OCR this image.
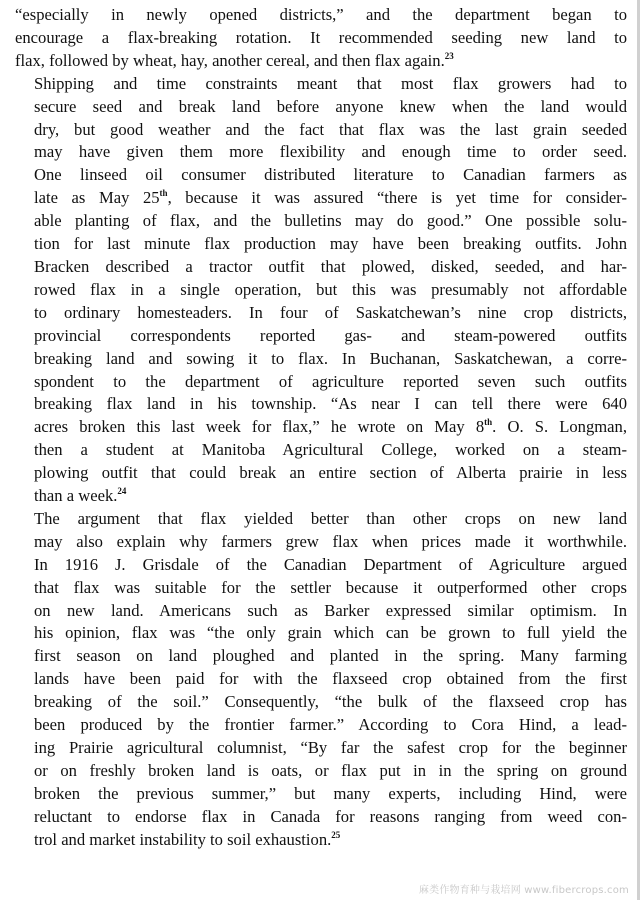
“especially in newly opened districts,” and the department began to
encourage a flax-breaking rotation. It recommended seeding new land to
flax, followed by wheat, hay, another cereal, and then flax again.$^{23}$

Shipping and time constraints meant that most flax growers had to
secure seed and break land before anyone knew when the land would
dry, but good weather and the fact that flax was the last grain seeded
may have given them more flexibility and enough time to order seed.
One linseed oil consumer distributed literature to Canadian farmers as
late as May 25th, because it was assured “there is yet time for consider-
able planting of flax, and the bulletins may do good.” One possible solu-
tion for last minute flax production may have been breaking outfits. John
Bracken described a tractor outfit that plowed, disked, seeded, and har-
rowed flax in a single operation, but this was presumably not affordable
to ordinary homesteaders. In four of Saskatchewan’s nine crop districts,
provincial correspondents reported gas- and steam-powered outfits
breaking land and sowing it to flax. In Buchanan, Saskatchewan, a corre-
spondent to the department of agriculture reported seven such outfits
breaking flax land in his township. “As near I can tell there were 640
acres broken this last week for flax,” he wrote on May 8th. O. S. Longman,
then a student at Manitoba Agricultural College, worked on a steam-
plowing outfit that could break an entire section of Alberta prairie in less
than a week.$^{24}$

The argument that flax yielded better than other crops on new land
may also explain why farmers grew flax when prices made it worthwhile.
In 1916 J. Grisdale of the Canadian Department of Agriculture argued
that flax was suitable for the settler because it outperformed other crops
on new land. Americans such as Barker expressed similar optimism. In
his opinion, flax was “the only grain which can be grown to full yield the
first season on land ploughed and planted in the spring. Many farming
lands have been paid for with the flaxseed crop obtained from the first
breaking of the soil.” Consequently, “the bulk of the flaxseed crop has
been produced by the frontier farmer.” According to Cora Hind, a lead-
ing Prairie agricultural columnist, “By far the safest crop for the beginner
or on freshly broken land is oats, or flax put in in the spring on ground
broken the previous summer,” but many experts, including Hind, were
reluctant to endorse flax in Canada for reasons ranging from weed con-
trol and market instability to soil exhaustion.$^{25}$

麻类作物育种与栽培网 www.fibercrops.com
